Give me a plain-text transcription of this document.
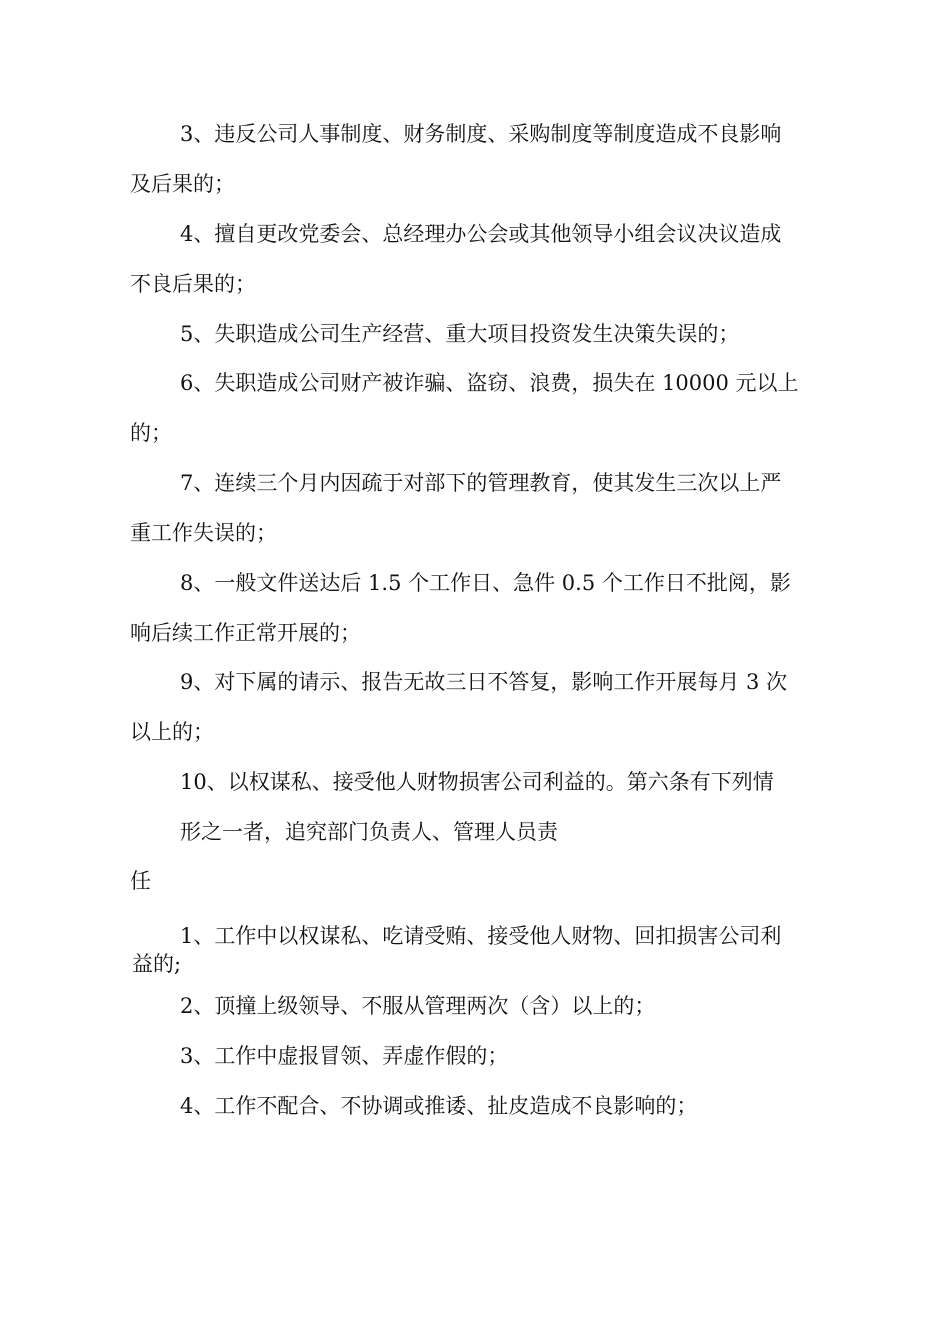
3、违反公司人事制度、财务制度、采购制度等制度造成不良影响
及后果的；
4、擅自更改党委会、总经理办公会或其他领导小组会议决议造成
不良后果的；
5、失职造成公司生产经营、重大项目投资发生决策失误的；
6、失职造成公司财产被诈骗、盗窃、浪费，损失在 10000 元以上
的；
7、连续三个月内因疏于对部下的管理教育，使其发生三次以上严
重工作失误的；
8、一般文件送达后 1.5 个工作日、急件 0.5 个工作日不批阅，影
响后续工作正常开展的；
9、对下属的请示、报告无故三日不答复，影响工作开展每月 3 次
以上的；
10、以权谋私、接受他人财物损害公司利益的。第六条有下列情
形之一者，追究部门负责人、管理人员责
任
1、工作中以权谋私、吃请受贿、接受他人财物、回扣损害公司利
益的;
2、顶撞上级领导、不服从管理两次（含）以上的；
3、工作中虚报冒领、弄虚作假的；
4、工作不配合、不协调或推诿、扯皮造成不良影响的；
